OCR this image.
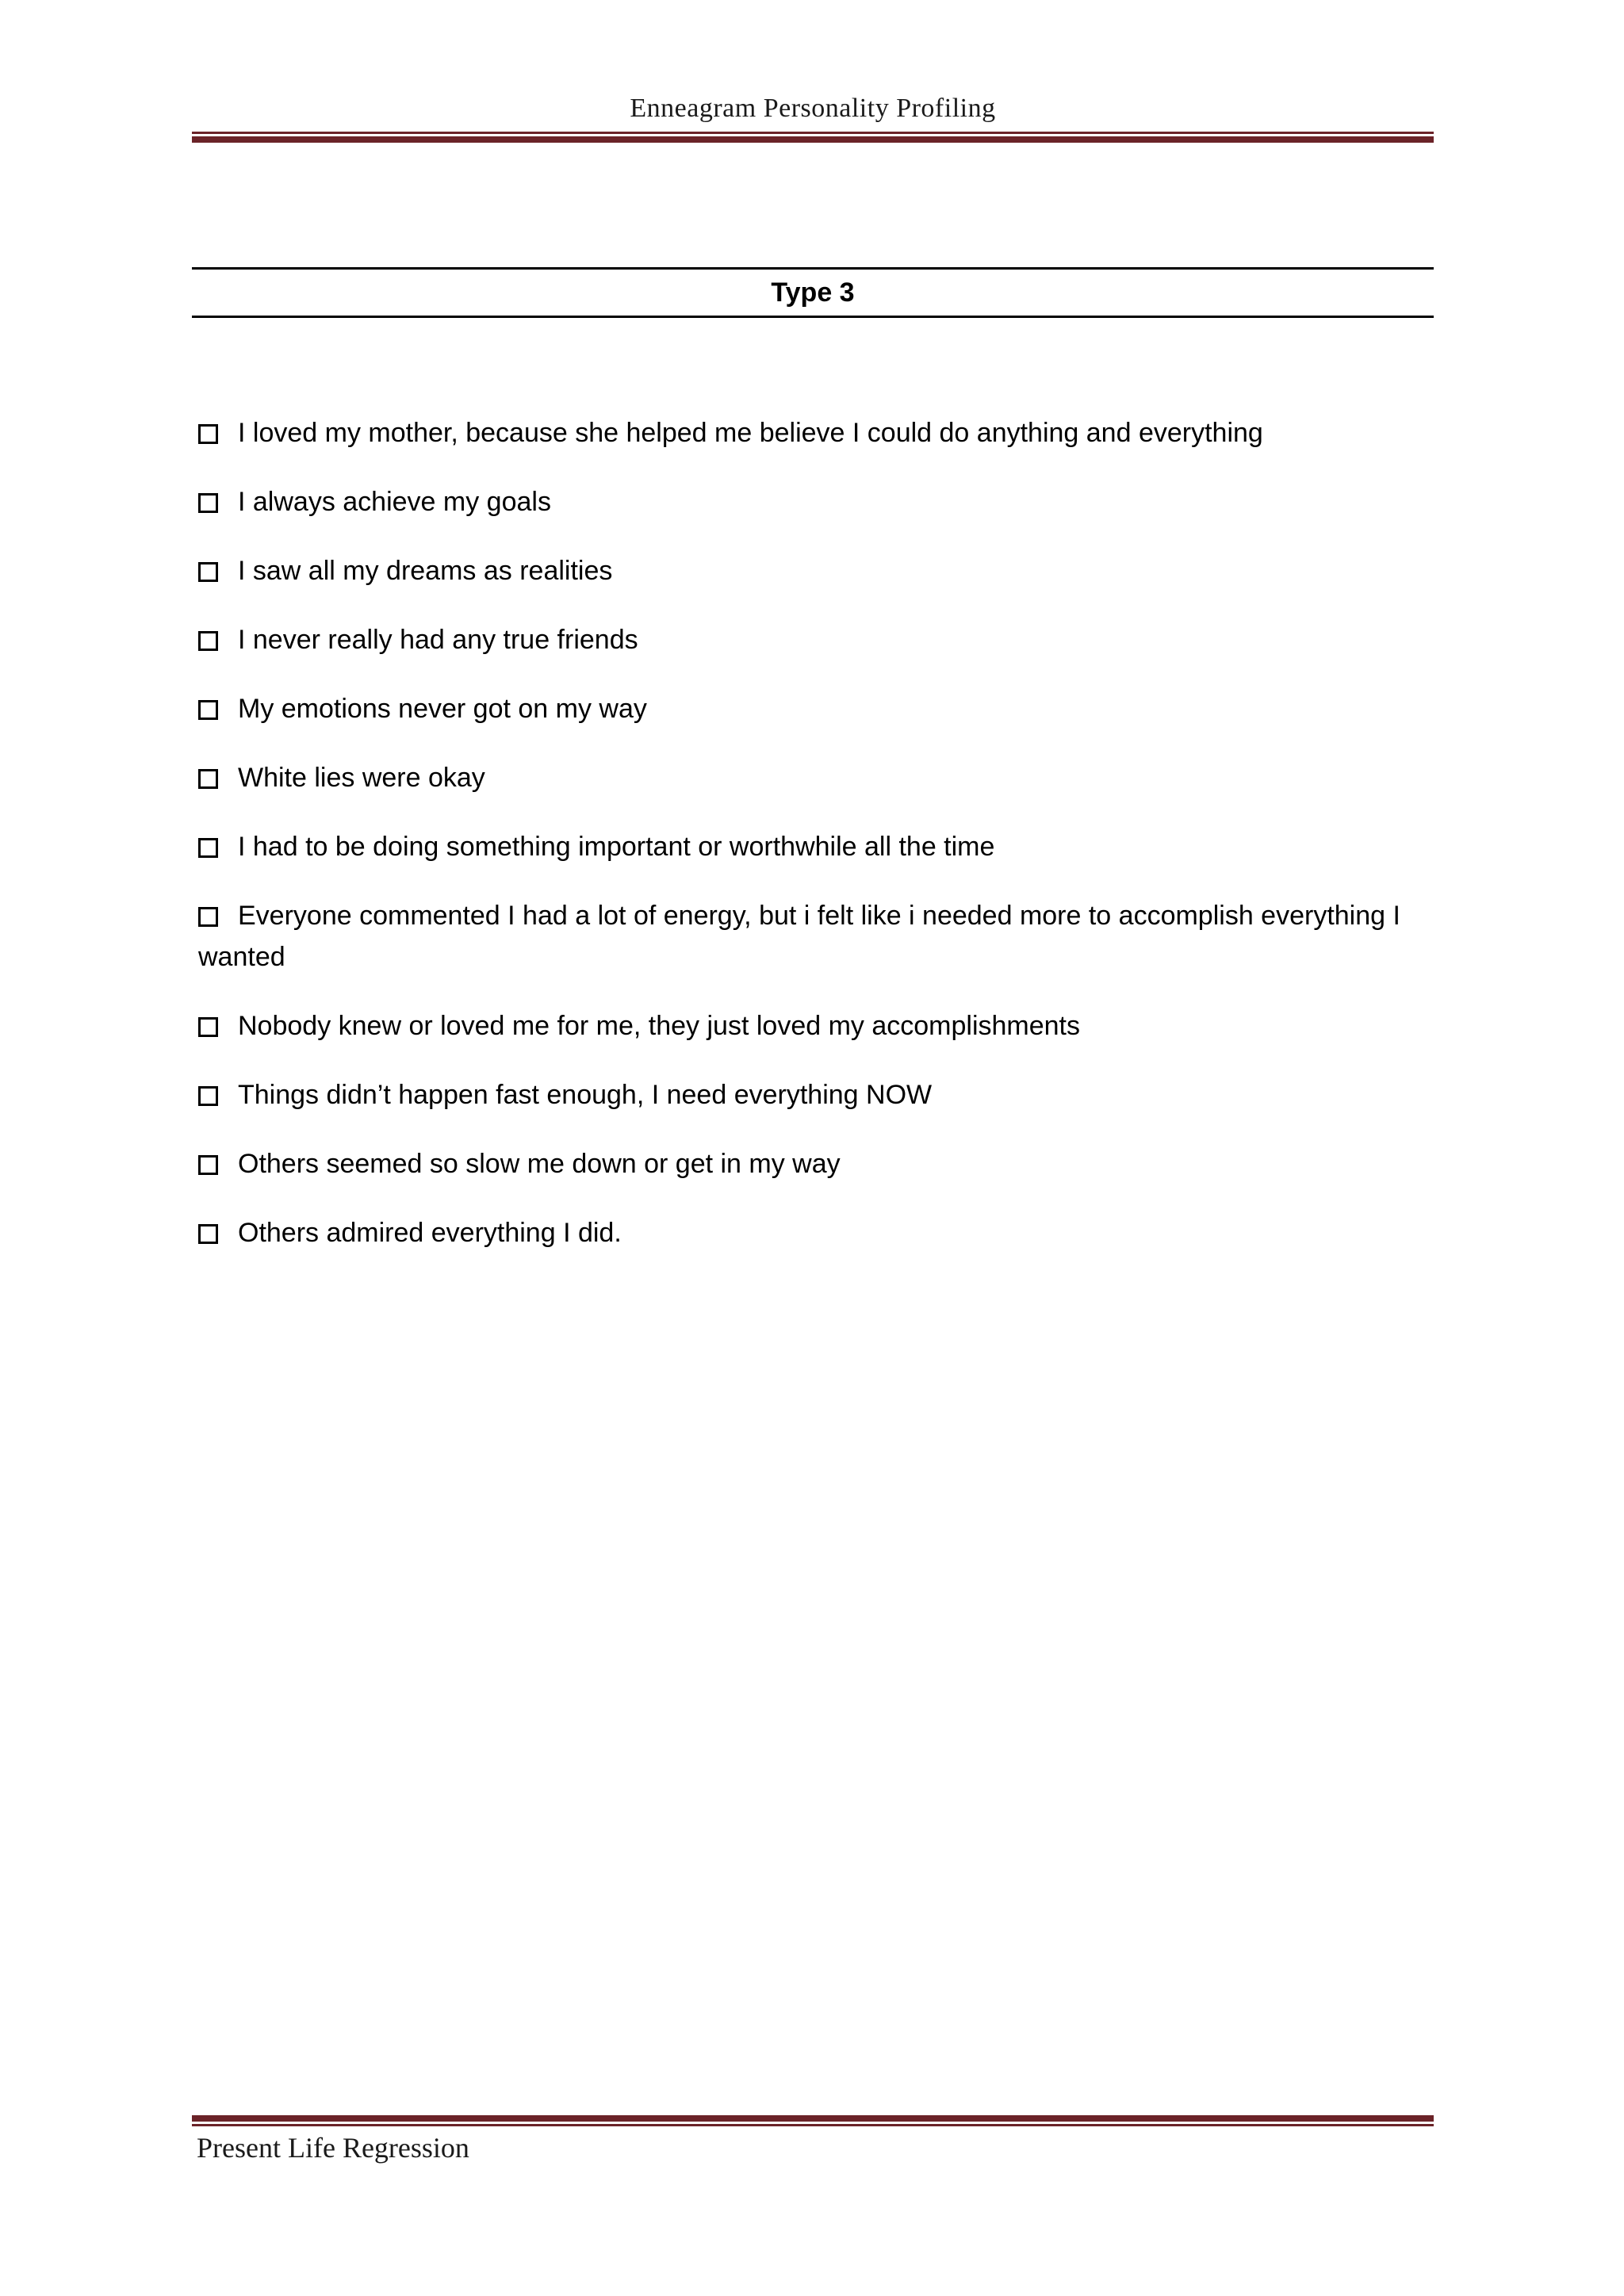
Enneagram Personality Profiling
Type 3
I loved my mother, because she helped me believe I could do anything and everything
I always achieve my goals
I saw all my dreams as realities
I never really had any true friends
My emotions never got on my way
White lies were okay
I had to be doing something important or worthwhile all the time
Everyone commented I had a lot of energy, but i felt like i needed more to accomplish everything I wanted
Nobody knew or loved me for me, they just loved my accomplishments
Things didn’t happen fast enough, I need everything NOW
Others seemed so slow me down or get in my way
Others admired everything I did.
Present Life Regression
